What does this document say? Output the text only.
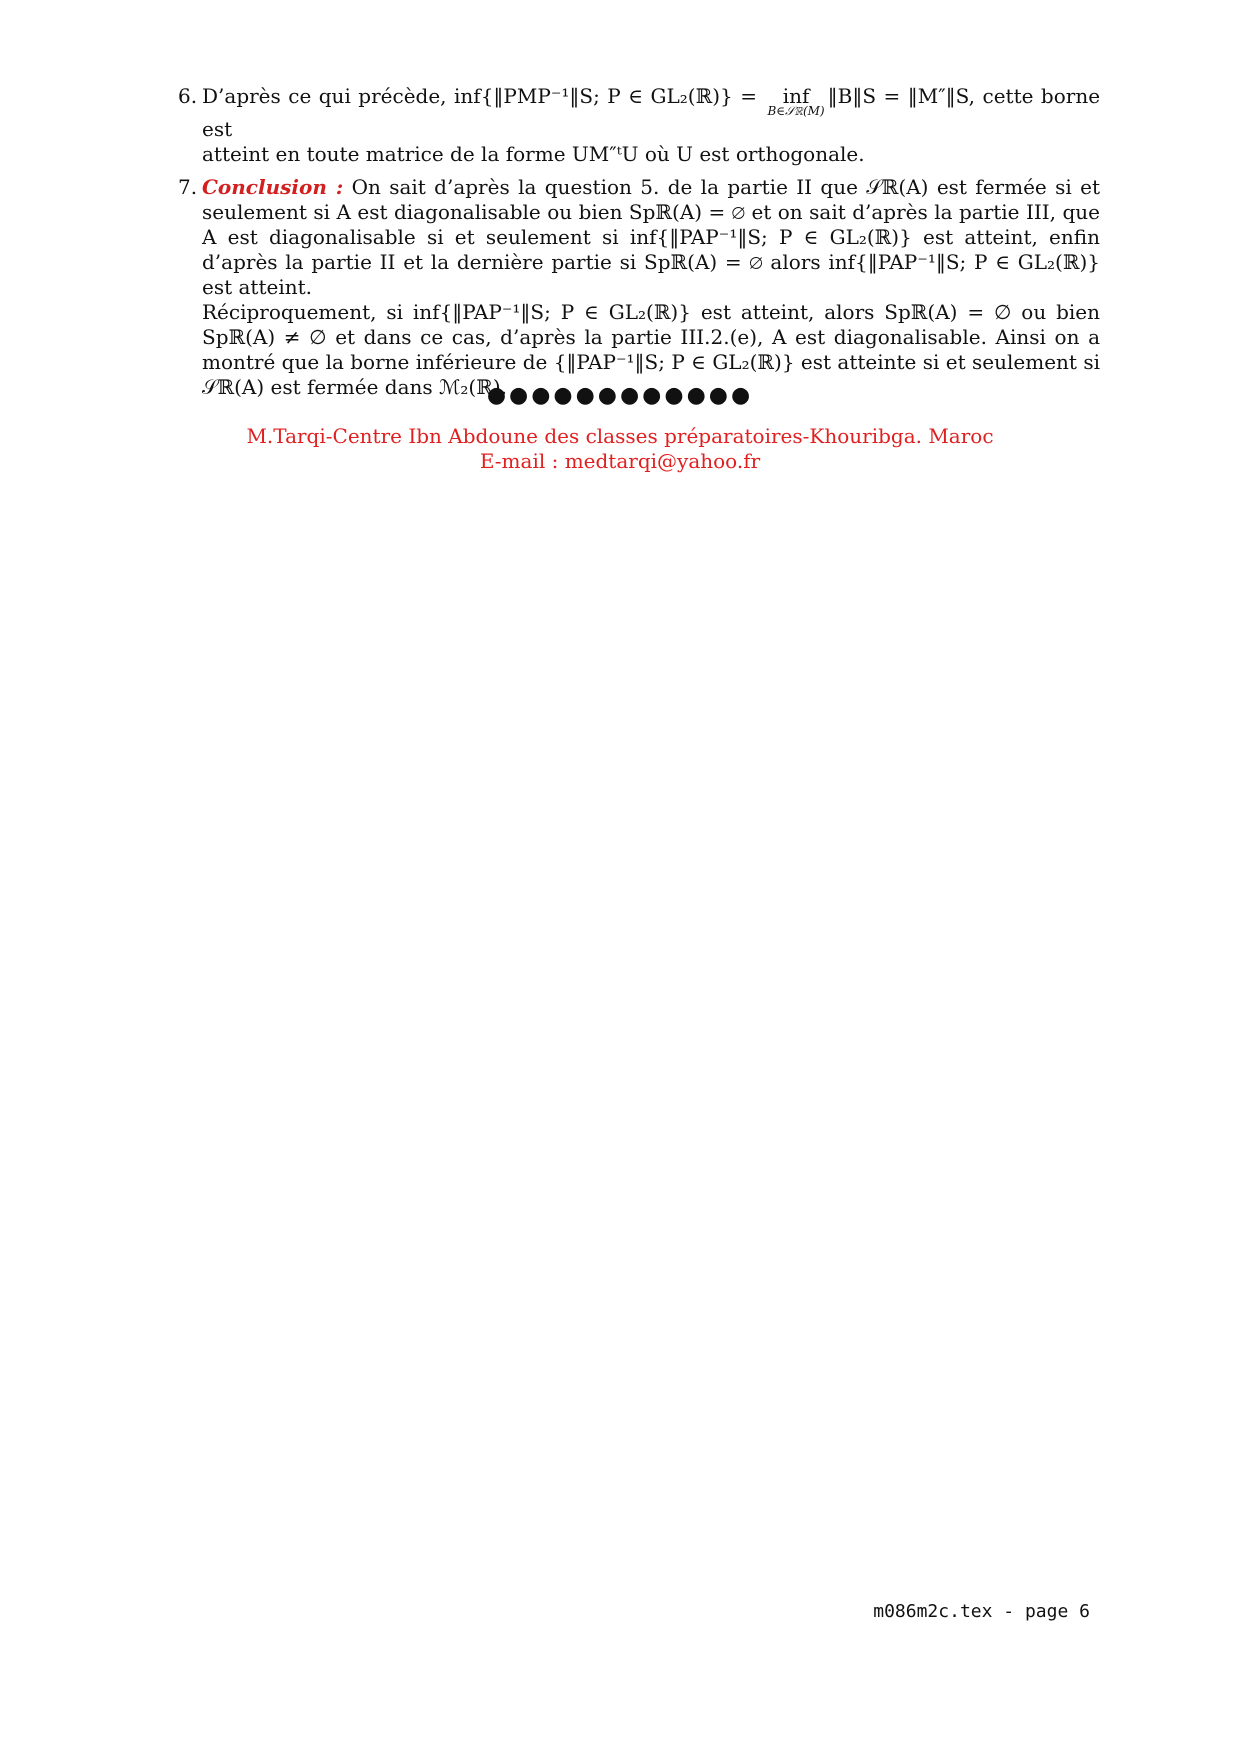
6. D’après ce qui précède, inf{‖PMP⁻¹‖S; P ∈ GL₂(ℝ)} =	inf
B∈𝒮ℝ(M)
‖B‖S = ‖M″‖S, cette borne est

atteint en toute matrice de la forme UM″ᵗU où U est orthogonale.

7. Conclusion : On sait d’après la question 5. de la partie II que 𝒮ℝ(A) est fermée si et seulement si A est diagonalisable ou bien Spℝ(A) = ∅ et on sait d’après la partie III, que A est diagonalisable si et seulement si inf{‖PAP⁻¹‖S; P ∈ GL₂(ℝ)} est atteint, enfin d’après la partie II et la dernière partie si Spℝ(A) = ∅ alors inf{‖PAP⁻¹‖S; P ∈ GL₂(ℝ)} est atteint.

Réciproquement, si inf{‖PAP⁻¹‖S; P ∈ GL₂(ℝ)} est atteint, alors Spℝ(A) = ∅ ou bien Spℝ(A) ≠ ∅ et dans ce cas, d’après la partie III.2.(e), A est diagonalisable. Ainsi on a montré que la borne inférieure de {‖PAP⁻¹‖S; P ∈ GL₂(ℝ)} est atteinte si et seulement si 𝒮ℝ(A) est fermée dans ℳ₂(ℝ).

●●●●●●●●●●●●
M.Tarqi-Centre Ibn Abdoune des classes préparatoires-Khouribga. Maroc
E-mail : medtarqi@yahoo.fr
m086m2c.tex - page 6
